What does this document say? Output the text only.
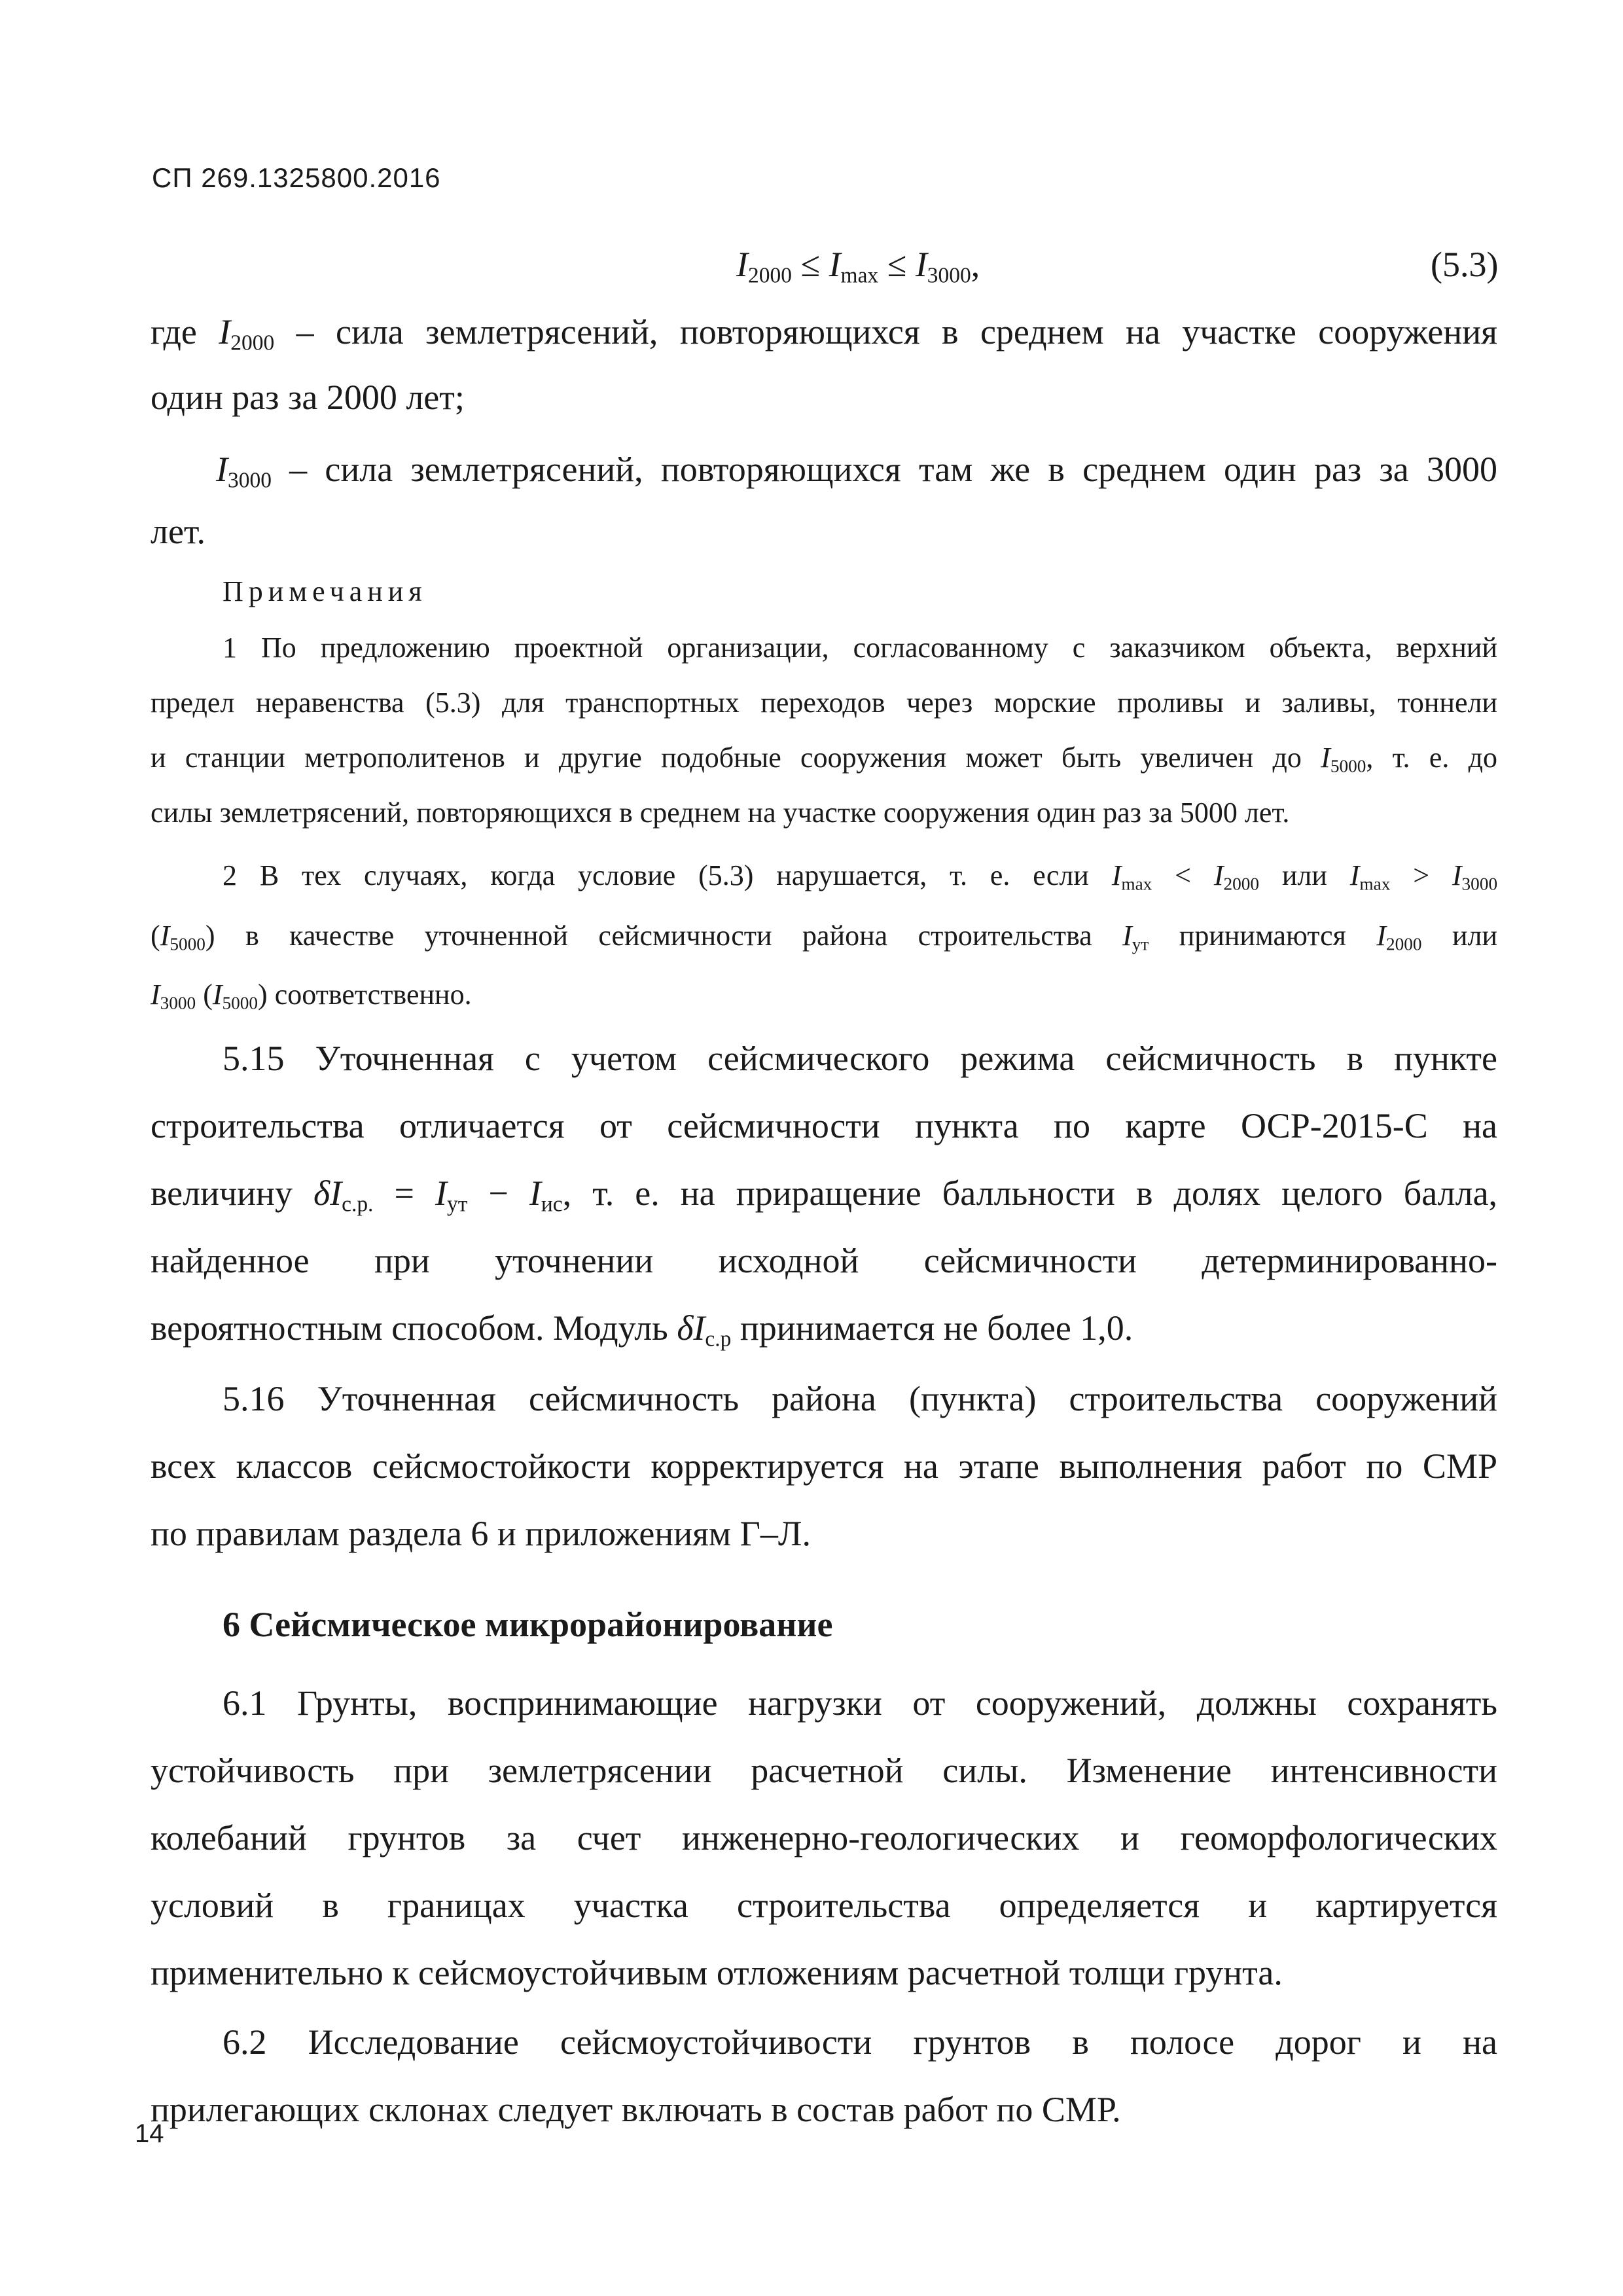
СП 269.1325800.2016
$I_{2000} \le I_{max} \le I_{3000}$,	(5.3)
где $I_{2000}$ – сила землетрясений, повторяющихся в среднем на участке сооружения
один раз за 2000 лет;
$I_{3000}$ – сила землетрясений, повторяющихся там же в среднем один раз за 3000
лет.
Примечания
1 По предложению проектной организации, согласованному с заказчиком объекта, верхний
предел неравенства (5.3) для транспортных переходов через морские проливы и заливы, тоннели
и станции метрополитенов и другие подобные сооружения может быть увеличен до $I_{5000}$, т. е. до
силы землетрясений, повторяющихся в среднем на участке сооружения один раз за 5000 лет.
2 В тех случаях, когда условие (5.3) нарушается, т. е. если $I_{max} < I_{2000}$ или $I_{max} > I_{3000}$
$(I_{5000})$ в качестве уточненной сейсмичности района строительства $I_{ут}$ принимаются $I_{2000}$ или
$I_{3000}$ $(I_{5000})$ соответственно.
5.15 Уточненная с учетом сейсмического режима сейсмичность в пункте
строительства отличается от сейсмичности пункта по карте ОСР-2015-С на
величину $\delta I_{с.р.} = I_{ут} - I_{ис}$, т. е. на приращение балльности в долях целого балла,
найденное при уточнении исходной сейсмичности детерминированно-
вероятностным способом. Модуль $\delta I_{с.р}$ принимается не более 1,0.
5.16 Уточненная сейсмичность района (пункта) строительства сооружений
всех классов сейсмостойкости корректируется на этапе выполнения работ по СМР
по правилам раздела 6 и приложениям Г–Л.
6 Сейсмическое микрорайонирование
6.1 Грунты, воспринимающие нагрузки от сооружений, должны сохранять
устойчивость при землетрясении расчетной силы. Изменение интенсивности
колебаний грунтов за счет инженерно-геологических и геоморфологических
условий в границах участка строительства определяется и картируется
применительно к сейсмоустойчивым отложениям расчетной толщи грунта.
6.2 Исследование сейсмоустойчивости грунтов в полосе дорог и на
прилегающих склонах следует включать в состав работ по СМР.
14
